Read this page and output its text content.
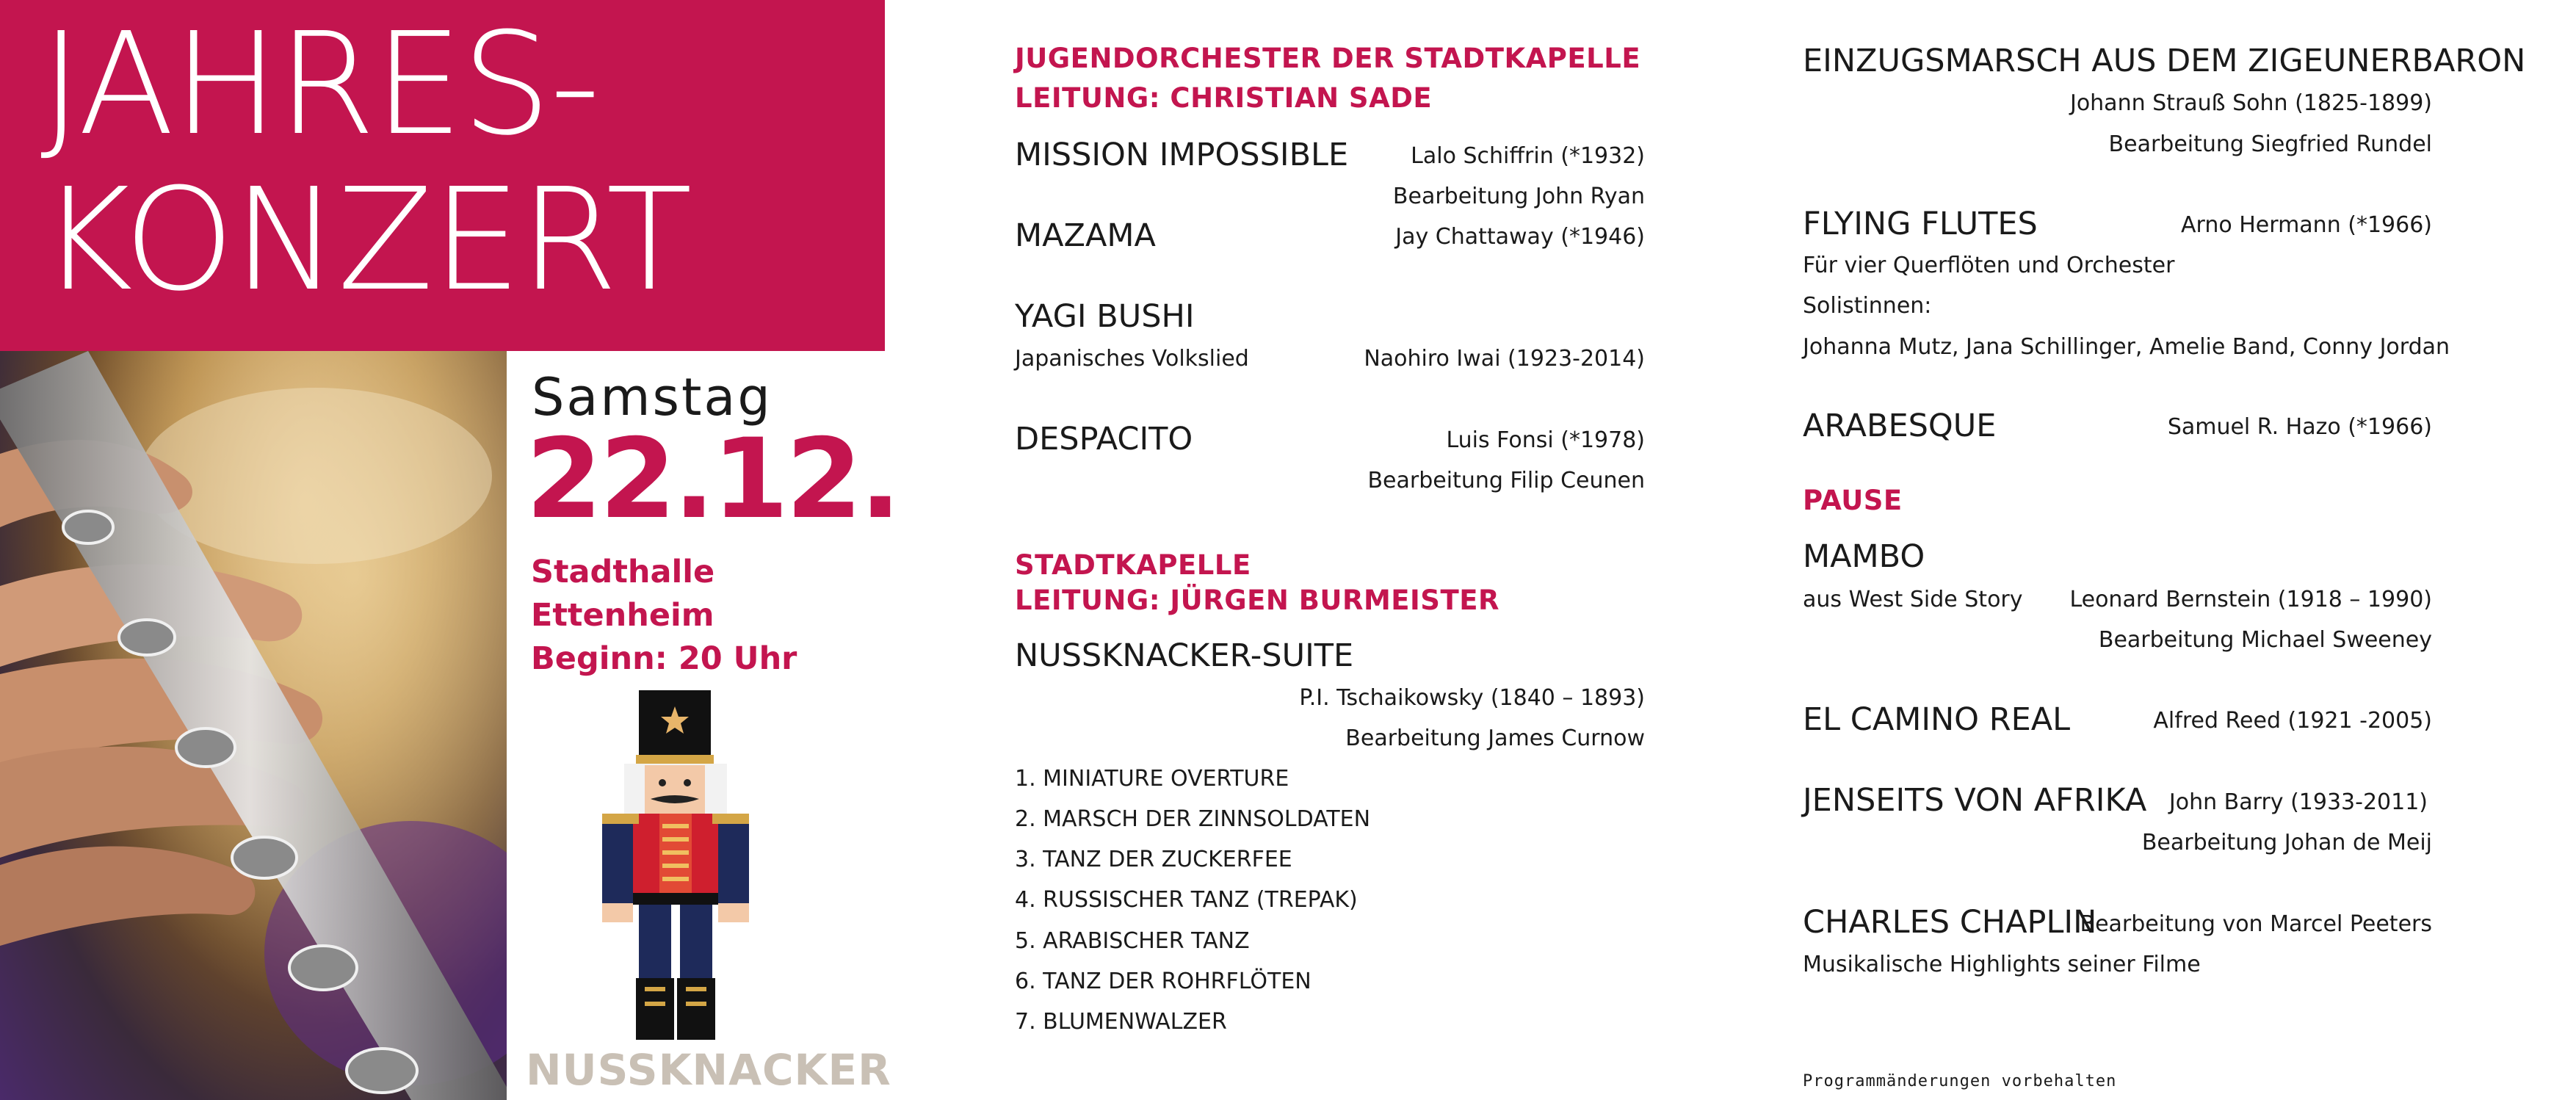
JAHRES-
KONZERT
Samstag
22.12.
Stadthalle
Ettenheim
Beginn: 20 Uhr
NUSSKNACKER
JUGENDORCHESTER DER STADTKAPELLE
LEITUNG: CHRISTIAN SADE
MISSION IMPOSSIBLE	Lalo Schiffrin (*1932)
Bearbeitung John Ryan
MAZAMA	Jay Chattaway (*1946)
YAGI BUSHI
Japanisches Volkslied	Naohiro Iwai (1923-2014)
DESPACITO	Luis Fonsi (*1978)
Bearbeitung Filip Ceunen
STADTKAPELLE
LEITUNG: JÜRGEN BURMEISTER
NUSSKNACKER-SUITE
P.I. Tschaikowsky (1840 – 1893)
Bearbeitung James Curnow
1. MINIATURE OVERTURE
2. MARSCH DER ZINNSOLDATEN
3. TANZ DER ZUCKERFEE
4. RUSSISCHER TANZ (TREPAK)
5. ARABISCHER TANZ
6. TANZ DER ROHRFLÖTEN
7. BLUMENWALZER
EINZUGSMARSCH AUS DEM ZIGEUNERBARON
Johann Strauß Sohn (1825-1899)
Bearbeitung Siegfried Rundel
FLYING FLUTES	Arno Hermann (*1966)
Für vier Querflöten und Orchester
Solistinnen:
Johanna Mutz, Jana Schillinger, Amelie Band, Conny Jordan
ARABESQUE	Samuel R. Hazo (*1966)
PAUSE
MAMBO
aus West Side Story Leonard Bernstein (1918 – 1990)
Bearbeitung Michael Sweeney
EL CAMINO REAL	Alfred Reed (1921 -2005)
JENSEITS VON AFRIKA John Barry (1933-2011)
Bearbeitung Johan de Meij
CHARLES CHAPLIN
Bearbeitung von Marcel Peeters
Musikalische Highlights seiner Filme
Programmänderungen vorbehalten
